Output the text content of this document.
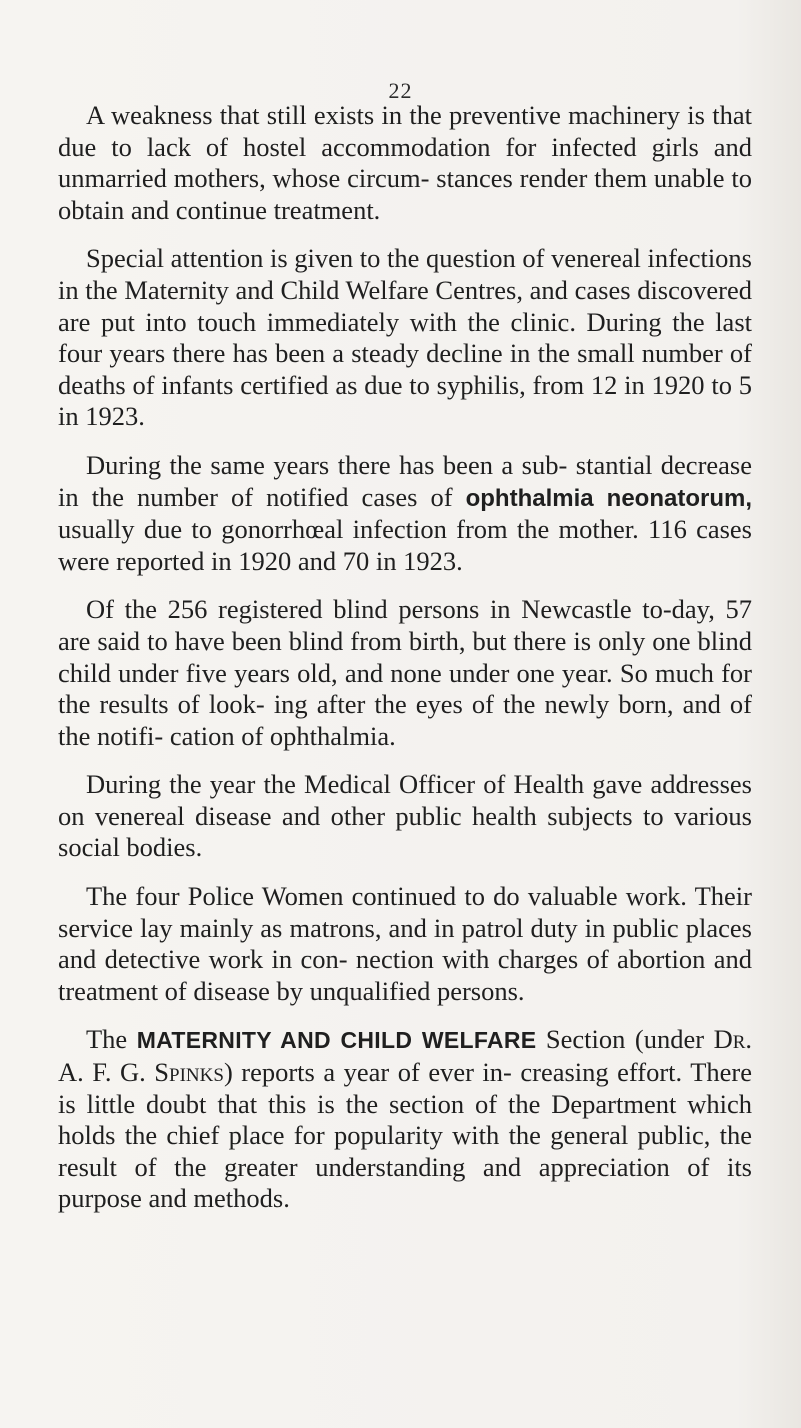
22

A weakness that still exists in the preventive machinery is that due to lack of hostel accommodation for infected girls and unmarried mothers, whose circum- stances render them unable to obtain and continue treatment.

Special attention is given to the question of venereal infections in the Maternity and Child Welfare Centres, and cases discovered are put into touch immediately with the clinic. During the last four years there has been a steady decline in the small number of deaths of infants certified as due to syphilis, from 12 in 1920 to 5 in 1923.

During the same years there has been a sub- stantial decrease in the number of notified cases of ophthalmia neonatorum, usually due to gonorrhœal infection from the mother. 116 cases were reported in 1920 and 70 in 1923.

Of the 256 registered blind persons in Newcastle to-day, 57 are said to have been blind from birth, but there is only one blind child under five years old, and none under one year. So much for the results of look- ing after the eyes of the newly born, and of the notifi- cation of ophthalmia.

During the year the Medical Officer of Health gave addresses on venereal disease and other public health subjects to various social bodies.

The four Police Women continued to do valuable work. Their service lay mainly as matrons, and in patrol duty in public places and detective work in con- nection with charges of abortion and treatment of disease by unqualified persons.

The MATERNITY AND CHILD WELFARE Section (under Dr. A. F. G. Spinks) reports a year of ever in- creasing effort. There is little doubt that this is the section of the Department which holds the chief place for popularity with the general public, the result of the greater understanding and appreciation of its purpose and methods.
